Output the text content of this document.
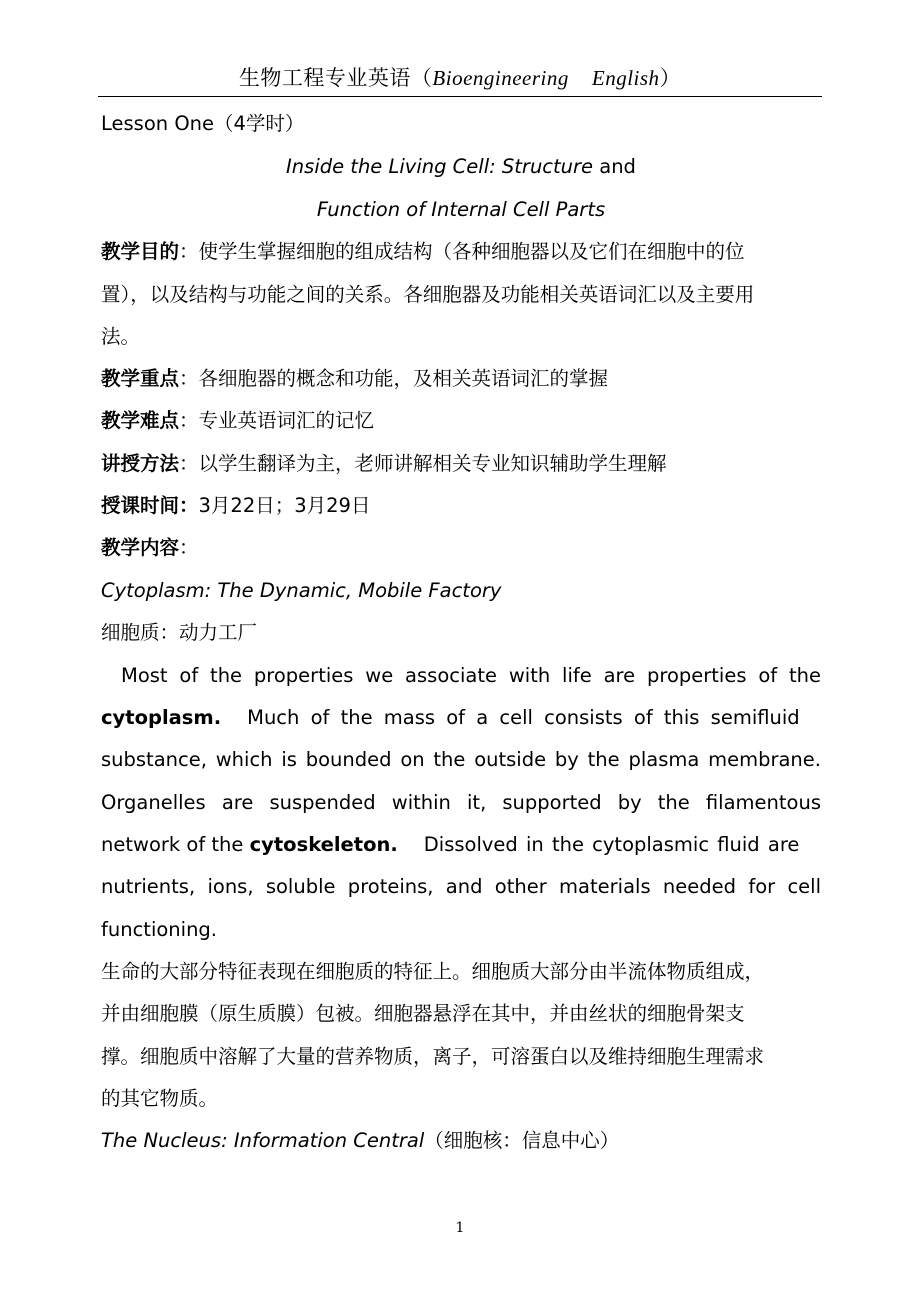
生物工程专业英语（Bioengineering    English）
Lesson One（4学时）
Inside the Living Cell: Structure and
Function of Internal Cell Parts
教学目的：使学生掌握细胞的组成结构（各种细胞器以及它们在细胞中的位
置），以及结构与功能之间的关系。各细胞器及功能相关英语词汇以及主要用
法。
教学重点：各细胞器的概念和功能，及相关英语词汇的掌握
教学难点：专业英语词汇的记忆
讲授方法：以学生翻译为主，老师讲解相关专业知识辅助学生理解
授课时间：3月22日；3月29日
教学内容：
Cytoplasm: The Dynamic, Mobile Factory
细胞质：动力工厂
Most of the properties we associate with life are properties of the
cytoplasm. Much of the mass of a cell consists of this semifluid
substance, which is bounded on the outside by the plasma membrane.
Organelles are suspended within it, supported by the filamentous
network of the cytoskeleton. Dissolved in the cytoplasmic fluid are
nutrients, ions, soluble proteins, and other materials needed for cell
functioning.
生命的大部分特征表现在细胞质的特征上。细胞质大部分由半流体物质组成，
并由细胞膜（原生质膜）包被。细胞器悬浮在其中，并由丝状的细胞骨架支
撑。细胞质中溶解了大量的营养物质，离子，可溶蛋白以及维持细胞生理需求
的其它物质。
The Nucleus: Information Central（细胞核：信息中心）
1
